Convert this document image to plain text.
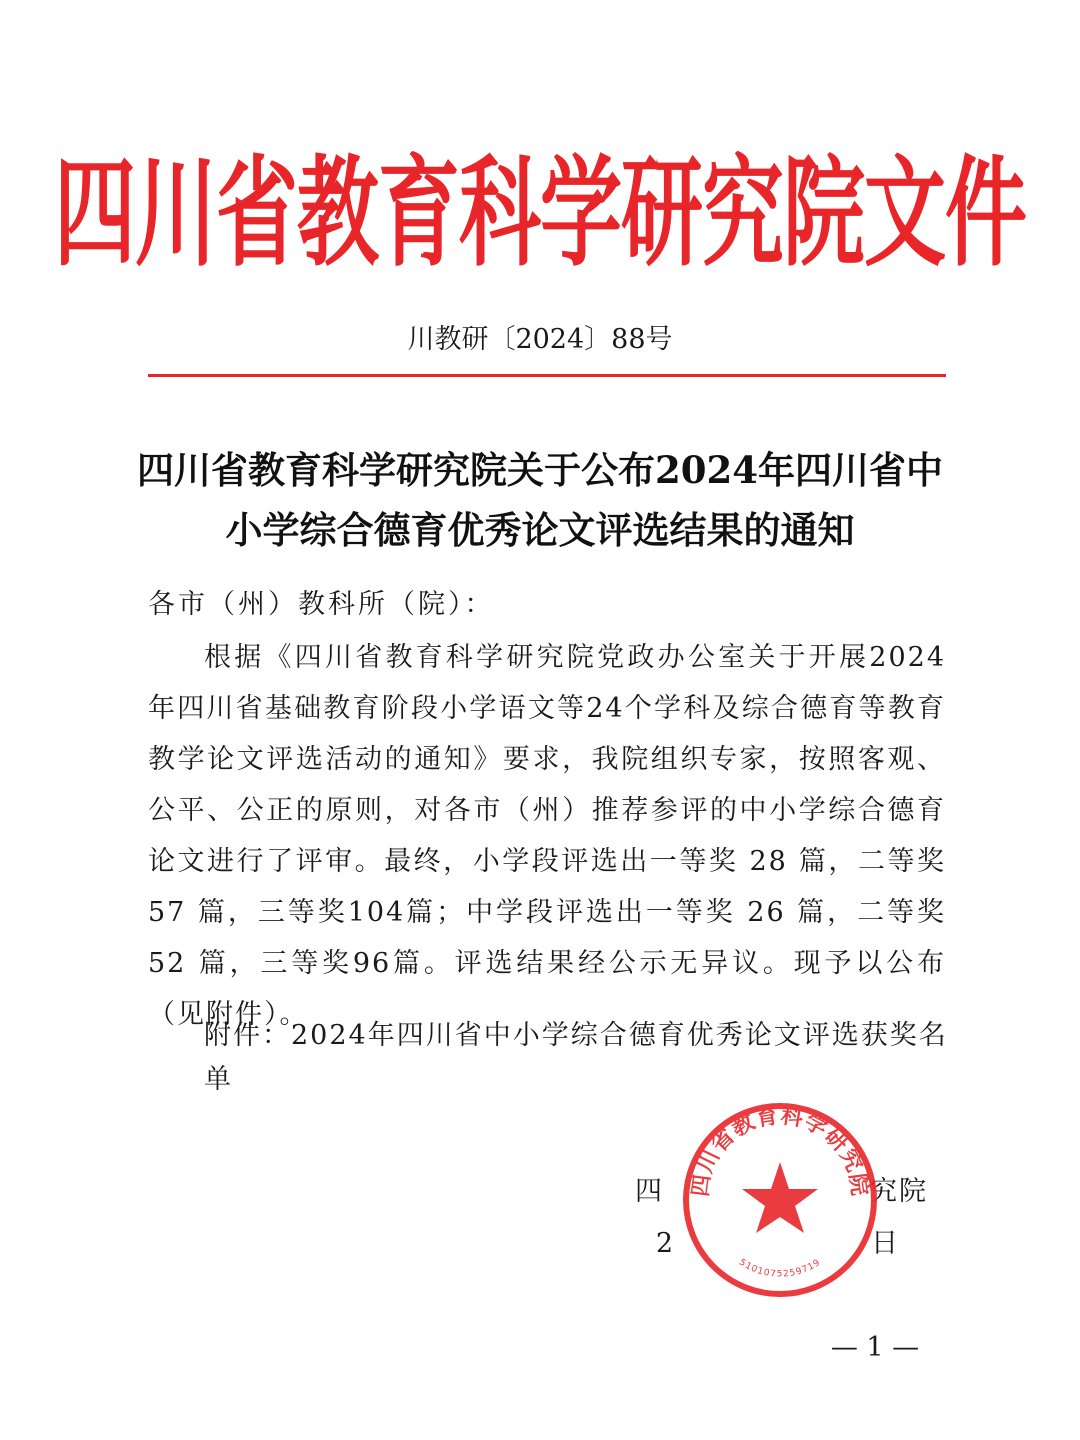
四川省教育科学研究院文件
川教研〔2024〕88号
四川省教育科学研究院关于公布2024年四川省中小学综合德育优秀论文评选结果的通知
各市（州）教科所（院）：

根据《四川省教育科学研究院党政办公室关于开展2024年四川省基础教育阶段小学语文等24个学科及综合德育等教育教学论文评选活动的通知》要求，我院组织专家，按照客观、公平、公正的原则，对各市（州）推荐参评的中小学综合德育论文进行了评审。最终，小学段评选出一等奖 28 篇，二等奖57 篇，三等奖104篇；中学段评选出一等奖 26 篇，二等奖 52 篇，三等奖96篇。评选结果经公示无异议。现予以公布（见附件）。

附件：2024年四川省中小学综合德育优秀论文评选获奖名单
四	究院
2	日
四川省教育科学研究院
5101075259719
— 1 —
